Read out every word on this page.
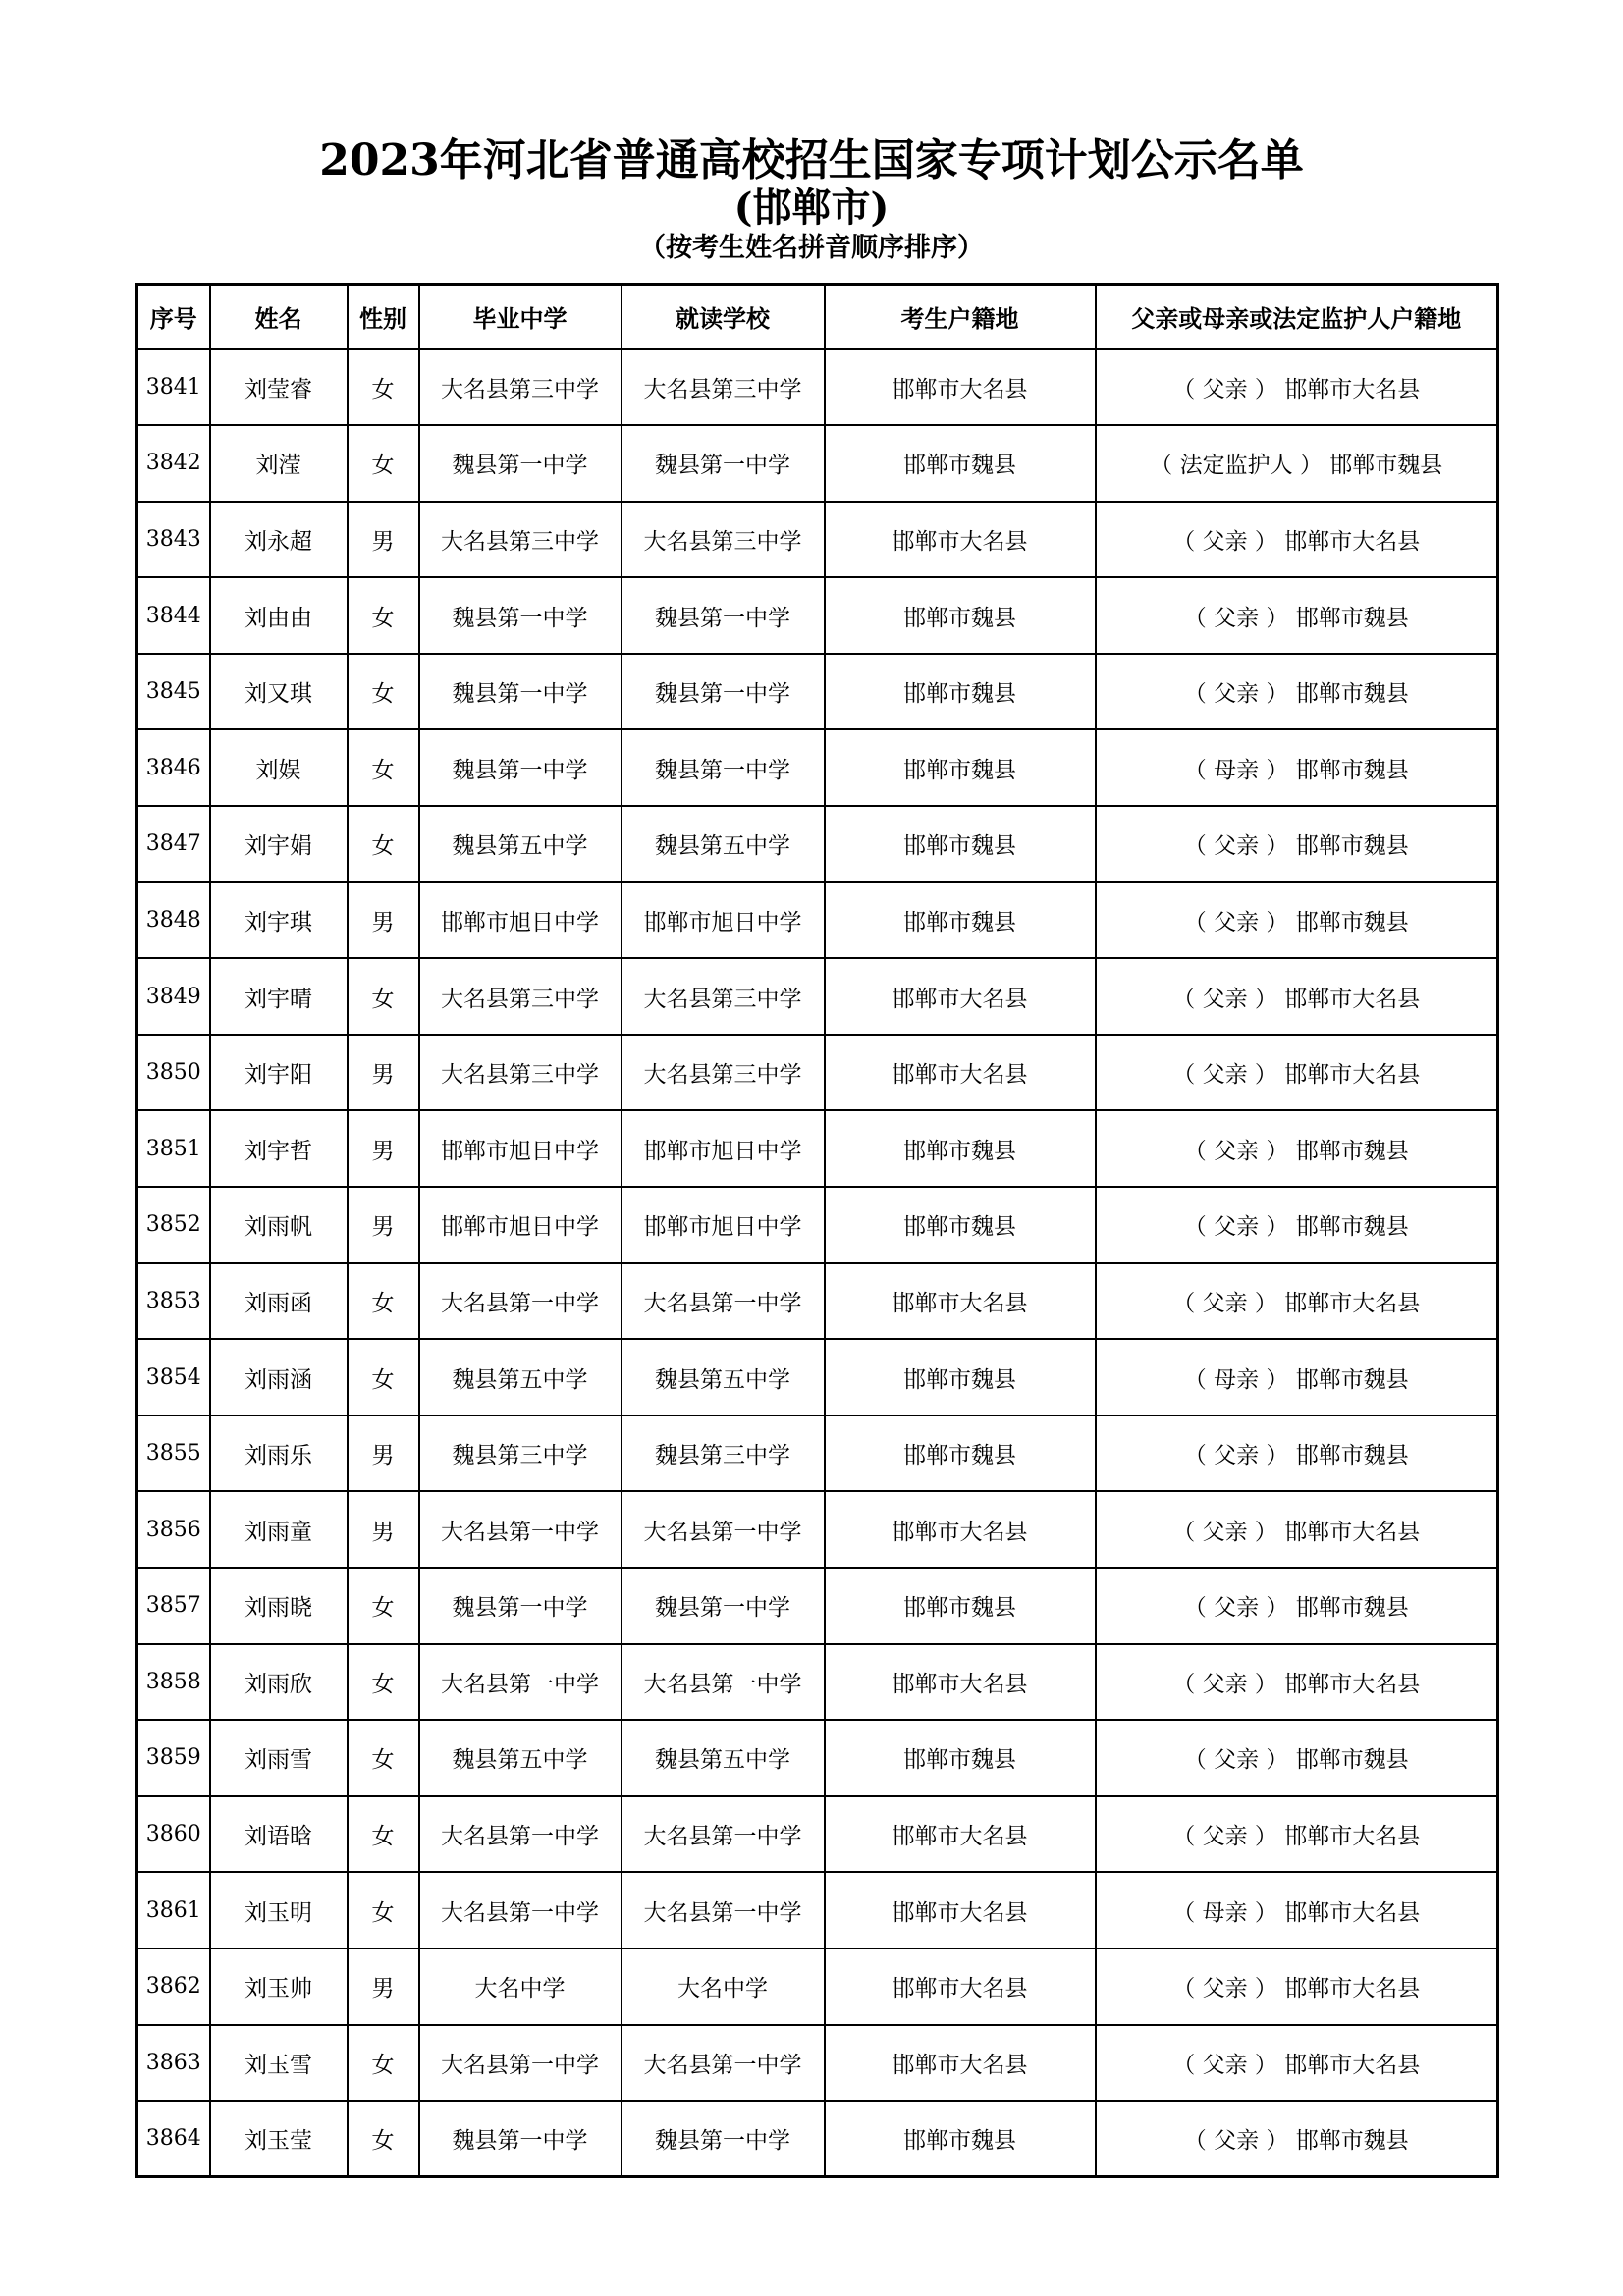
2023年河北省普通高校招生国家专项计划公示名单
(邯郸市)
（按考生姓名拼音顺序排序）
序号	姓名	性别	毕业中学	就读学校	考生户籍地	父亲或母亲或法定监护人户籍地
3841	刘莹睿	女	大名县第三中学	大名县第三中学	邯郸市大名县	（ 父亲 ） 邯郸市大名县
3842	刘滢	女	魏县第一中学	魏县第一中学	邯郸市魏县	（ 法定监护人 ） 邯郸市魏县
3843	刘永超	男	大名县第三中学	大名县第三中学	邯郸市大名县	（ 父亲 ） 邯郸市大名县
3844	刘由由	女	魏县第一中学	魏县第一中学	邯郸市魏县	（ 父亲 ） 邯郸市魏县
3845	刘又琪	女	魏县第一中学	魏县第一中学	邯郸市魏县	（ 父亲 ） 邯郸市魏县
3846	刘娱	女	魏县第一中学	魏县第一中学	邯郸市魏县	（ 母亲 ） 邯郸市魏县
3847	刘宇娟	女	魏县第五中学	魏县第五中学	邯郸市魏县	（ 父亲 ） 邯郸市魏县
3848	刘宇琪	男	邯郸市旭日中学	邯郸市旭日中学	邯郸市魏县	（ 父亲 ） 邯郸市魏县
3849	刘宇晴	女	大名县第三中学	大名县第三中学	邯郸市大名县	（ 父亲 ） 邯郸市大名县
3850	刘宇阳	男	大名县第三中学	大名县第三中学	邯郸市大名县	（ 父亲 ） 邯郸市大名县
3851	刘宇哲	男	邯郸市旭日中学	邯郸市旭日中学	邯郸市魏县	（ 父亲 ） 邯郸市魏县
3852	刘雨帆	男	邯郸市旭日中学	邯郸市旭日中学	邯郸市魏县	（ 父亲 ） 邯郸市魏县
3853	刘雨函	女	大名县第一中学	大名县第一中学	邯郸市大名县	（ 父亲 ） 邯郸市大名县
3854	刘雨涵	女	魏县第五中学	魏县第五中学	邯郸市魏县	（ 母亲 ） 邯郸市魏县
3855	刘雨乐	男	魏县第三中学	魏县第三中学	邯郸市魏县	（ 父亲 ） 邯郸市魏县
3856	刘雨童	男	大名县第一中学	大名县第一中学	邯郸市大名县	（ 父亲 ） 邯郸市大名县
3857	刘雨晓	女	魏县第一中学	魏县第一中学	邯郸市魏县	（ 父亲 ） 邯郸市魏县
3858	刘雨欣	女	大名县第一中学	大名县第一中学	邯郸市大名县	（ 父亲 ） 邯郸市大名县
3859	刘雨雪	女	魏县第五中学	魏县第五中学	邯郸市魏县	（ 父亲 ） 邯郸市魏县
3860	刘语晗	女	大名县第一中学	大名县第一中学	邯郸市大名县	（ 父亲 ） 邯郸市大名县
3861	刘玉明	女	大名县第一中学	大名县第一中学	邯郸市大名县	（ 母亲 ） 邯郸市大名县
3862	刘玉帅	男	大名中学	大名中学	邯郸市大名县	（ 父亲 ） 邯郸市大名县
3863	刘玉雪	女	大名县第一中学	大名县第一中学	邯郸市大名县	（ 父亲 ） 邯郸市大名县
3864	刘玉莹	女	魏县第一中学	魏县第一中学	邯郸市魏县	（ 父亲 ） 邯郸市魏县
